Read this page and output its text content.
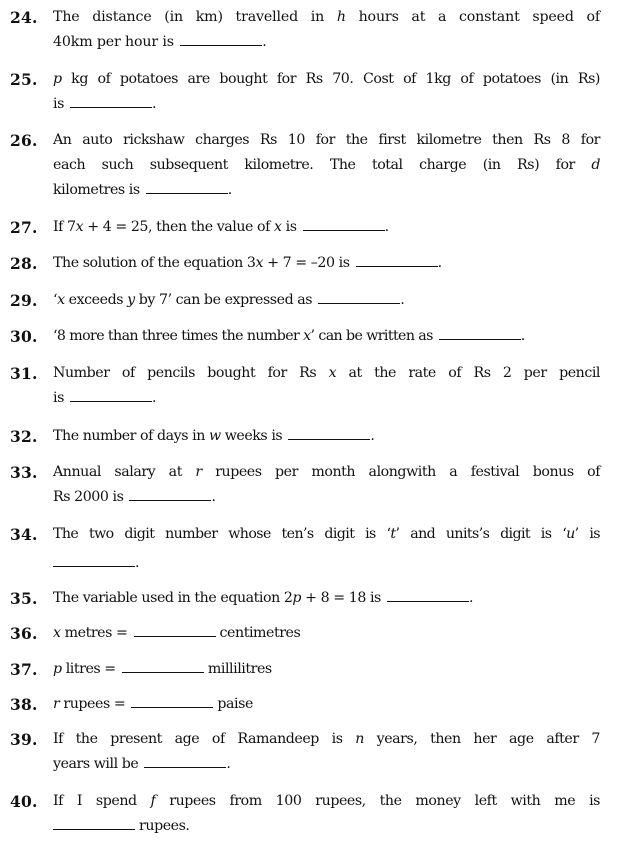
24. The distance (in km) travelled in h hours at a constant speed of
40km per hour is	.
25. p kg of potatoes are bought for Rs 70. Cost of 1kg of potatoes (in Rs)
is	.
26. An auto rickshaw charges Rs 10 for the first kilometre then Rs 8 for
each such subsequent kilometre. The total charge (in Rs) for d
kilometres is	.
27. If 7x + 4 = 25, then the value of x is	.
28. The solution of the equation 3x + 7 = –20 is	.
29. ‘x exceeds y by 7’ can be expressed as	.
30. ‘8 more than three times the number x’ can be written as	.
31. Number of pencils bought for Rs x at the rate of Rs 2 per pencil
is	.
32. The number of days in w weeks is	.
33. Annual salary at r rupees per month alongwith a festival bonus of
Rs 2000 is	.
34. The two digit number whose ten’s digit is ‘t’ and units’s digit is ‘u’ is
.
35. The variable used in the equation 2p + 8 = 18 is	.
36. x metres =	centimetres
37. p litres =	millilitres
38. r rupees =	paise
39. If the present age of Ramandeep is n years, then her age after 7
years will be	.
40. If I spend f rupees from 100 rupees, the money left with me is
rupees.
